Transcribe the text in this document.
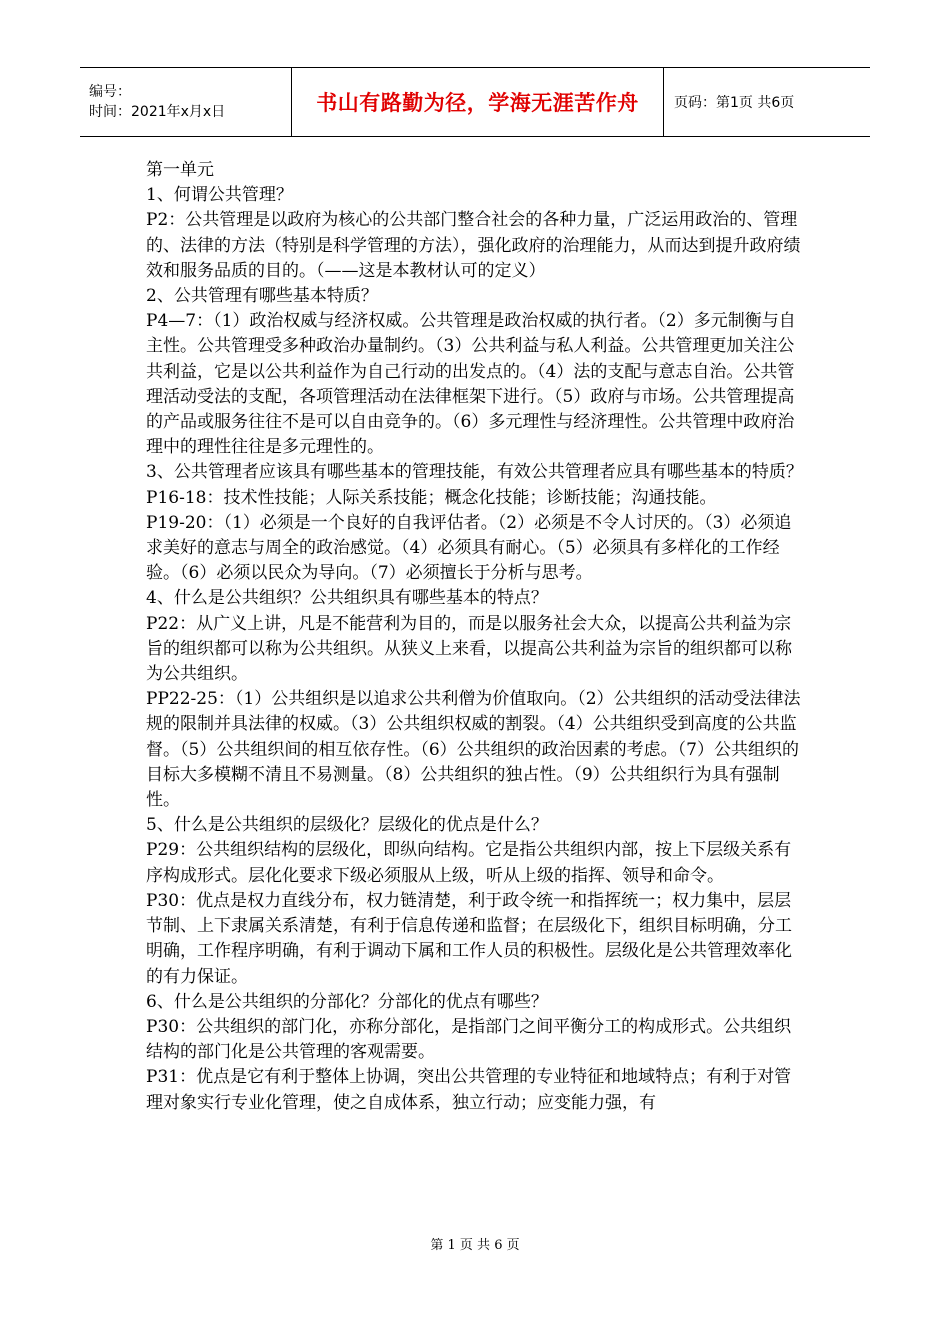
编号：
时间：2021年x月x日	书山有路勤为径，学海无涯苦作舟	页码：第1页 共6页

第一单元

1、何谓公共管理？

P2：公共管理是以政府为核心的公共部门整合社会的各种力量，广泛运用政治的、管理的、法律的方法（特别是科学管理的方法），强化政府的治理能力，从而达到提升政府绩效和服务品质的目的。（——这是本教材认可的定义）

2、公共管理有哪些基本特质？

P4—7：（1）政治权威与经济权威。公共管理是政治权威的执行者。（2）多元制衡与自主性。公共管理受多种政治办量制约。（3）公共利益与私人利益。公共管理更加关注公共利益，它是以公共利益作为自己行动的出发点的。（4）法的支配与意志自治。公共管理活动受法的支配，各项管理活动在法律框架下进行。（5）政府与市场。公共管理提高的产品或服务往往不是可以自由竞争的。（6）多元理性与经济理性。公共管理中政府治理中的理性往往是多元理性的。

3、公共管理者应该具有哪些基本的管理技能，有效公共管理者应具有哪些基本的特质？

P16-18：技术性技能；人际关系技能；概念化技能；诊断技能；沟通技能。

P19-20：（1）必须是一个良好的自我评估者。（2）必须是不令人讨厌的。（3）必须追求美好的意志与周全的政治感觉。（4）必须具有耐心。（5）必须具有多样化的工作经验。（6）必须以民众为导向。（7）必须擅长于分析与思考。

4、什么是公共组织？公共组织具有哪些基本的特点？

P22：从广义上讲，凡是不能营利为目的，而是以服务社会大众，以提高公共利益为宗旨的组织都可以称为公共组织。从狭义上来看，以提高公共利益为宗旨的组织都可以称为公共组织。

PP22-25：（1）公共组织是以追求公共利僧为价值取向。（2）公共组织的活动受法律法规的限制并具法律的权威。（3）公共组织权威的割裂。（4）公共组织受到高度的公共监督。（5）公共组织间的相互依存性。（6）公共组织的政治因素的考虑。（7）公共组织的目标大多模糊不清且不易测量。（8）公共组织的独占性。（9）公共组织行为具有强制性。

5、什么是公共组织的层级化？层级化的优点是什么？

P29：公共组织结构的层级化，即纵向结构。它是指公共组织内部，按上下层级关系有序构成形式。层化化要求下级必须服从上级，听从上级的指挥、领导和命令。

P30：优点是权力直线分布，权力链清楚，利于政令统一和指挥统一；权力集中，层层节制、上下隶属关系清楚，有利于信息传递和监督；在层级化下，组织目标明确，分工明确，工作程序明确，有利于调动下属和工作人员的积极性。层级化是公共管理效率化的有力保证。

6、什么是公共组织的分部化？分部化的优点有哪些？

P30：公共组织的部门化，亦称分部化，是指部门之间平衡分工的构成形式。公共组织结构的部门化是公共管理的客观需要。

P31：优点是它有利于整体上协调，突出公共管理的专业特征和地域特点；有利于对管理对象实行专业化管理，使之自成体系，独立行动；应变能力强，有

第 1 页 共 6 页
